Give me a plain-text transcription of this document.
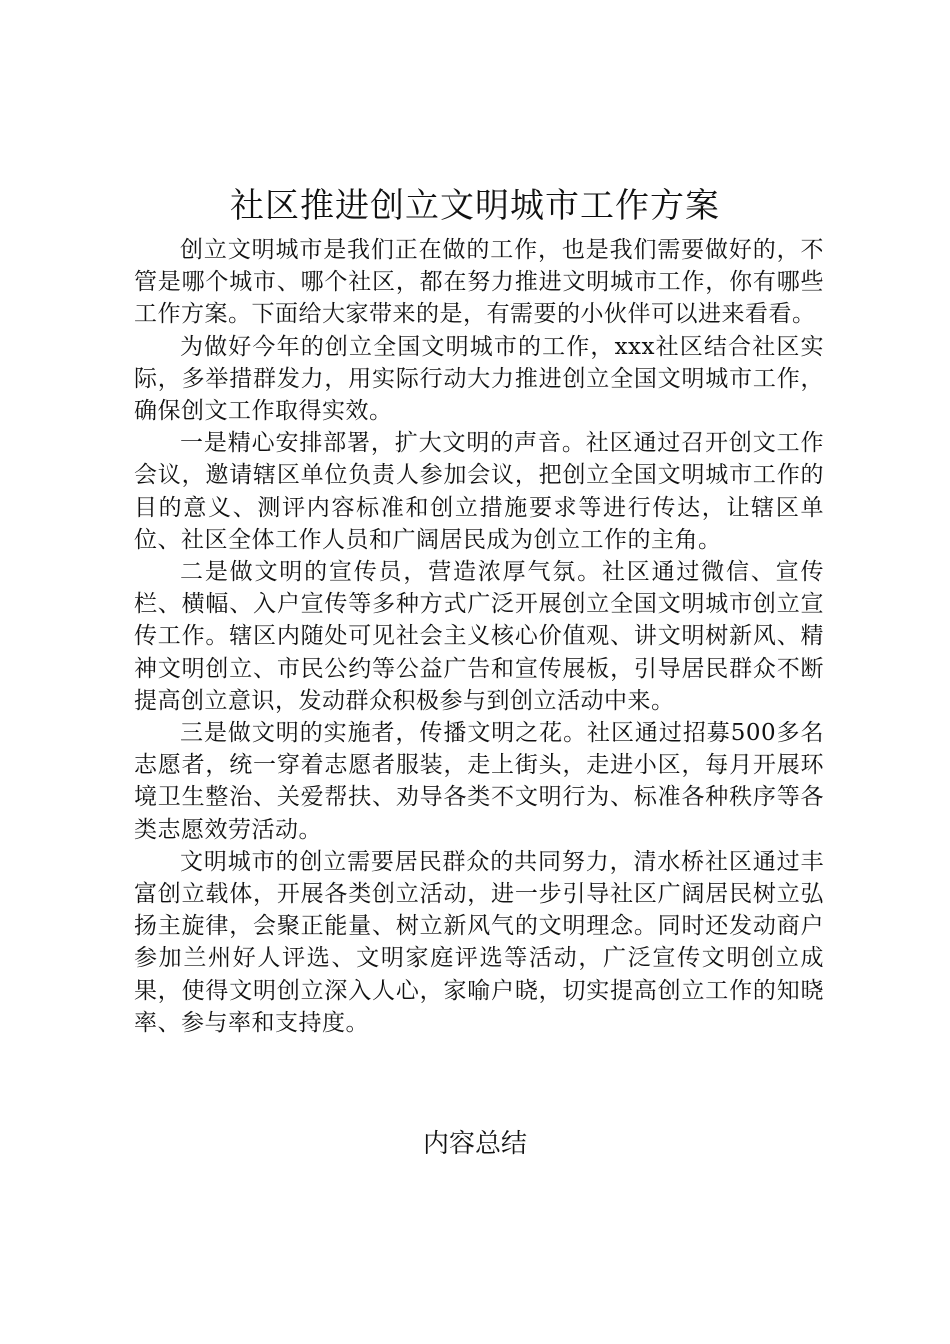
社区推进创立文明城市工作方案

创立文明城市是我们正在做的工作，也是我们需要做好的，不管是哪个城市、哪个社区，都在努力推进文明城市工作，你有哪些工作方案。下面给大家带来的是，有需要的小伙伴可以进来看看。

为做好今年的创立全国文明城市的工作，xxx社区结合社区实际，多举措群发力，用实际行动大力推进创立全国文明城市工作，确保创文工作取得实效。

一是精心安排部署，扩大文明的声音。社区通过召开创文工作会议，邀请辖区单位负责人参加会议，把创立全国文明城市工作的目的意义、测评内容标准和创立措施要求等进行传达，让辖区单位、社区全体工作人员和广阔居民成为创立工作的主角。

二是做文明的宣传员，营造浓厚气氛。社区通过微信、宣传栏、横幅、入户宣传等多种方式广泛开展创立全国文明城市创立宣传工作。辖区内随处可见社会主义核心价值观、讲文明树新风、精神文明创立、市民公约等公益广告和宣传展板，引导居民群众不断提高创立意识，发动群众积极参与到创立活动中来。

三是做文明的实施者，传播文明之花。社区通过招募500多名志愿者，统一穿着志愿者服装，走上街头，走进小区，每月开展环境卫生整治、关爱帮扶、劝导各类不文明行为、标准各种秩序等各类志愿效劳活动。

文明城市的创立需要居民群众的共同努力，清水桥社区通过丰富创立载体，开展各类创立活动，进一步引导社区广阔居民树立弘扬主旋律，会聚正能量、树立新风气的文明理念。同时还发动商户参加兰州好人评选、文明家庭评选等活动，广泛宣传文明创立成果，使得文明创立深入人心，家喻户晓，切实提高创立工作的知晓率、参与率和支持度。

内容总结
